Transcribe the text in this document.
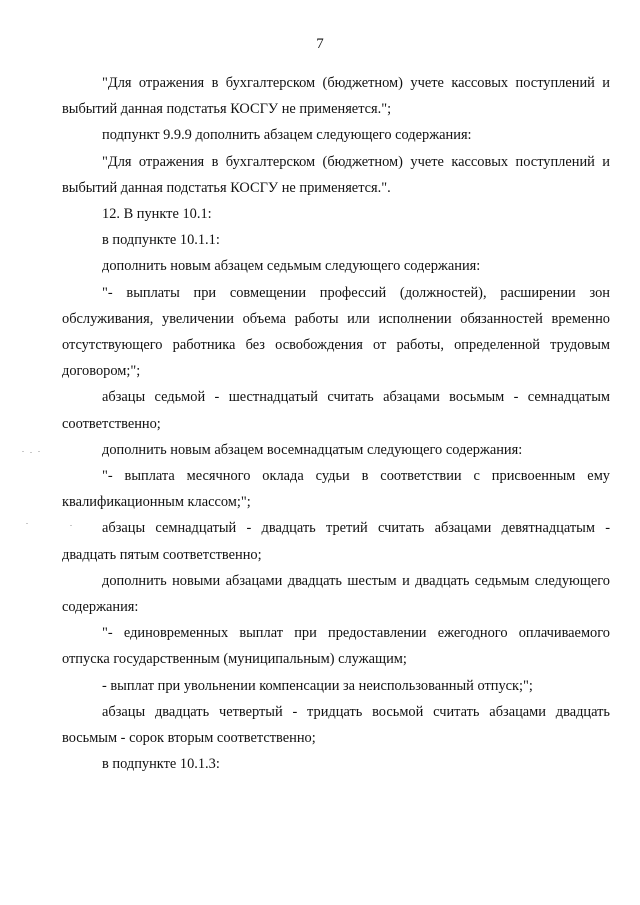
7

"Для отражения в бухгалтерском (бюджетном) учете кассовых поступлений и выбытий данная подстатья КОСГУ не применяется.";

подпункт 9.9.9 дополнить абзацем следующего содержания:

"Для отражения в бухгалтерском (бюджетном) учете кассовых поступлений и выбытий данная подстатья КОСГУ не применяется.".

12. В пункте 10.1:

в подпункте 10.1.1:

дополнить новым абзацем седьмым следующего содержания:

"- выплаты при совмещении профессий (должностей), расширении зон обслуживания, увеличении объема работы или исполнении обязанностей временно отсутствующего работника без освобождения от работы, определенной трудовым договором;";

абзацы седьмой - шестнадцатый считать абзацами восьмым - семнадцатым соответственно;

дополнить новым абзацем восемнадцатым следующего содержания:

"- выплата месячного оклада судьи в соответствии с присвоенным ему квалификационным классом;";

абзацы семнадцатый - двадцать третий считать абзацами девятнадцатым - двадцать пятым соответственно;

дополнить новыми абзацами двадцать шестым и двадцать седьмым следующего содержания:

"- единовременных выплат при предоставлении ежегодного оплачиваемого отпуска государственным (муниципальным) служащим;

- выплат при увольнении компенсации за неиспользованный отпуск;";

абзацы двадцать четвертый - тридцать восьмой считать абзацами двадцать восьмым - сорок вторым соответственно;

в подпункте 10.1.3:
